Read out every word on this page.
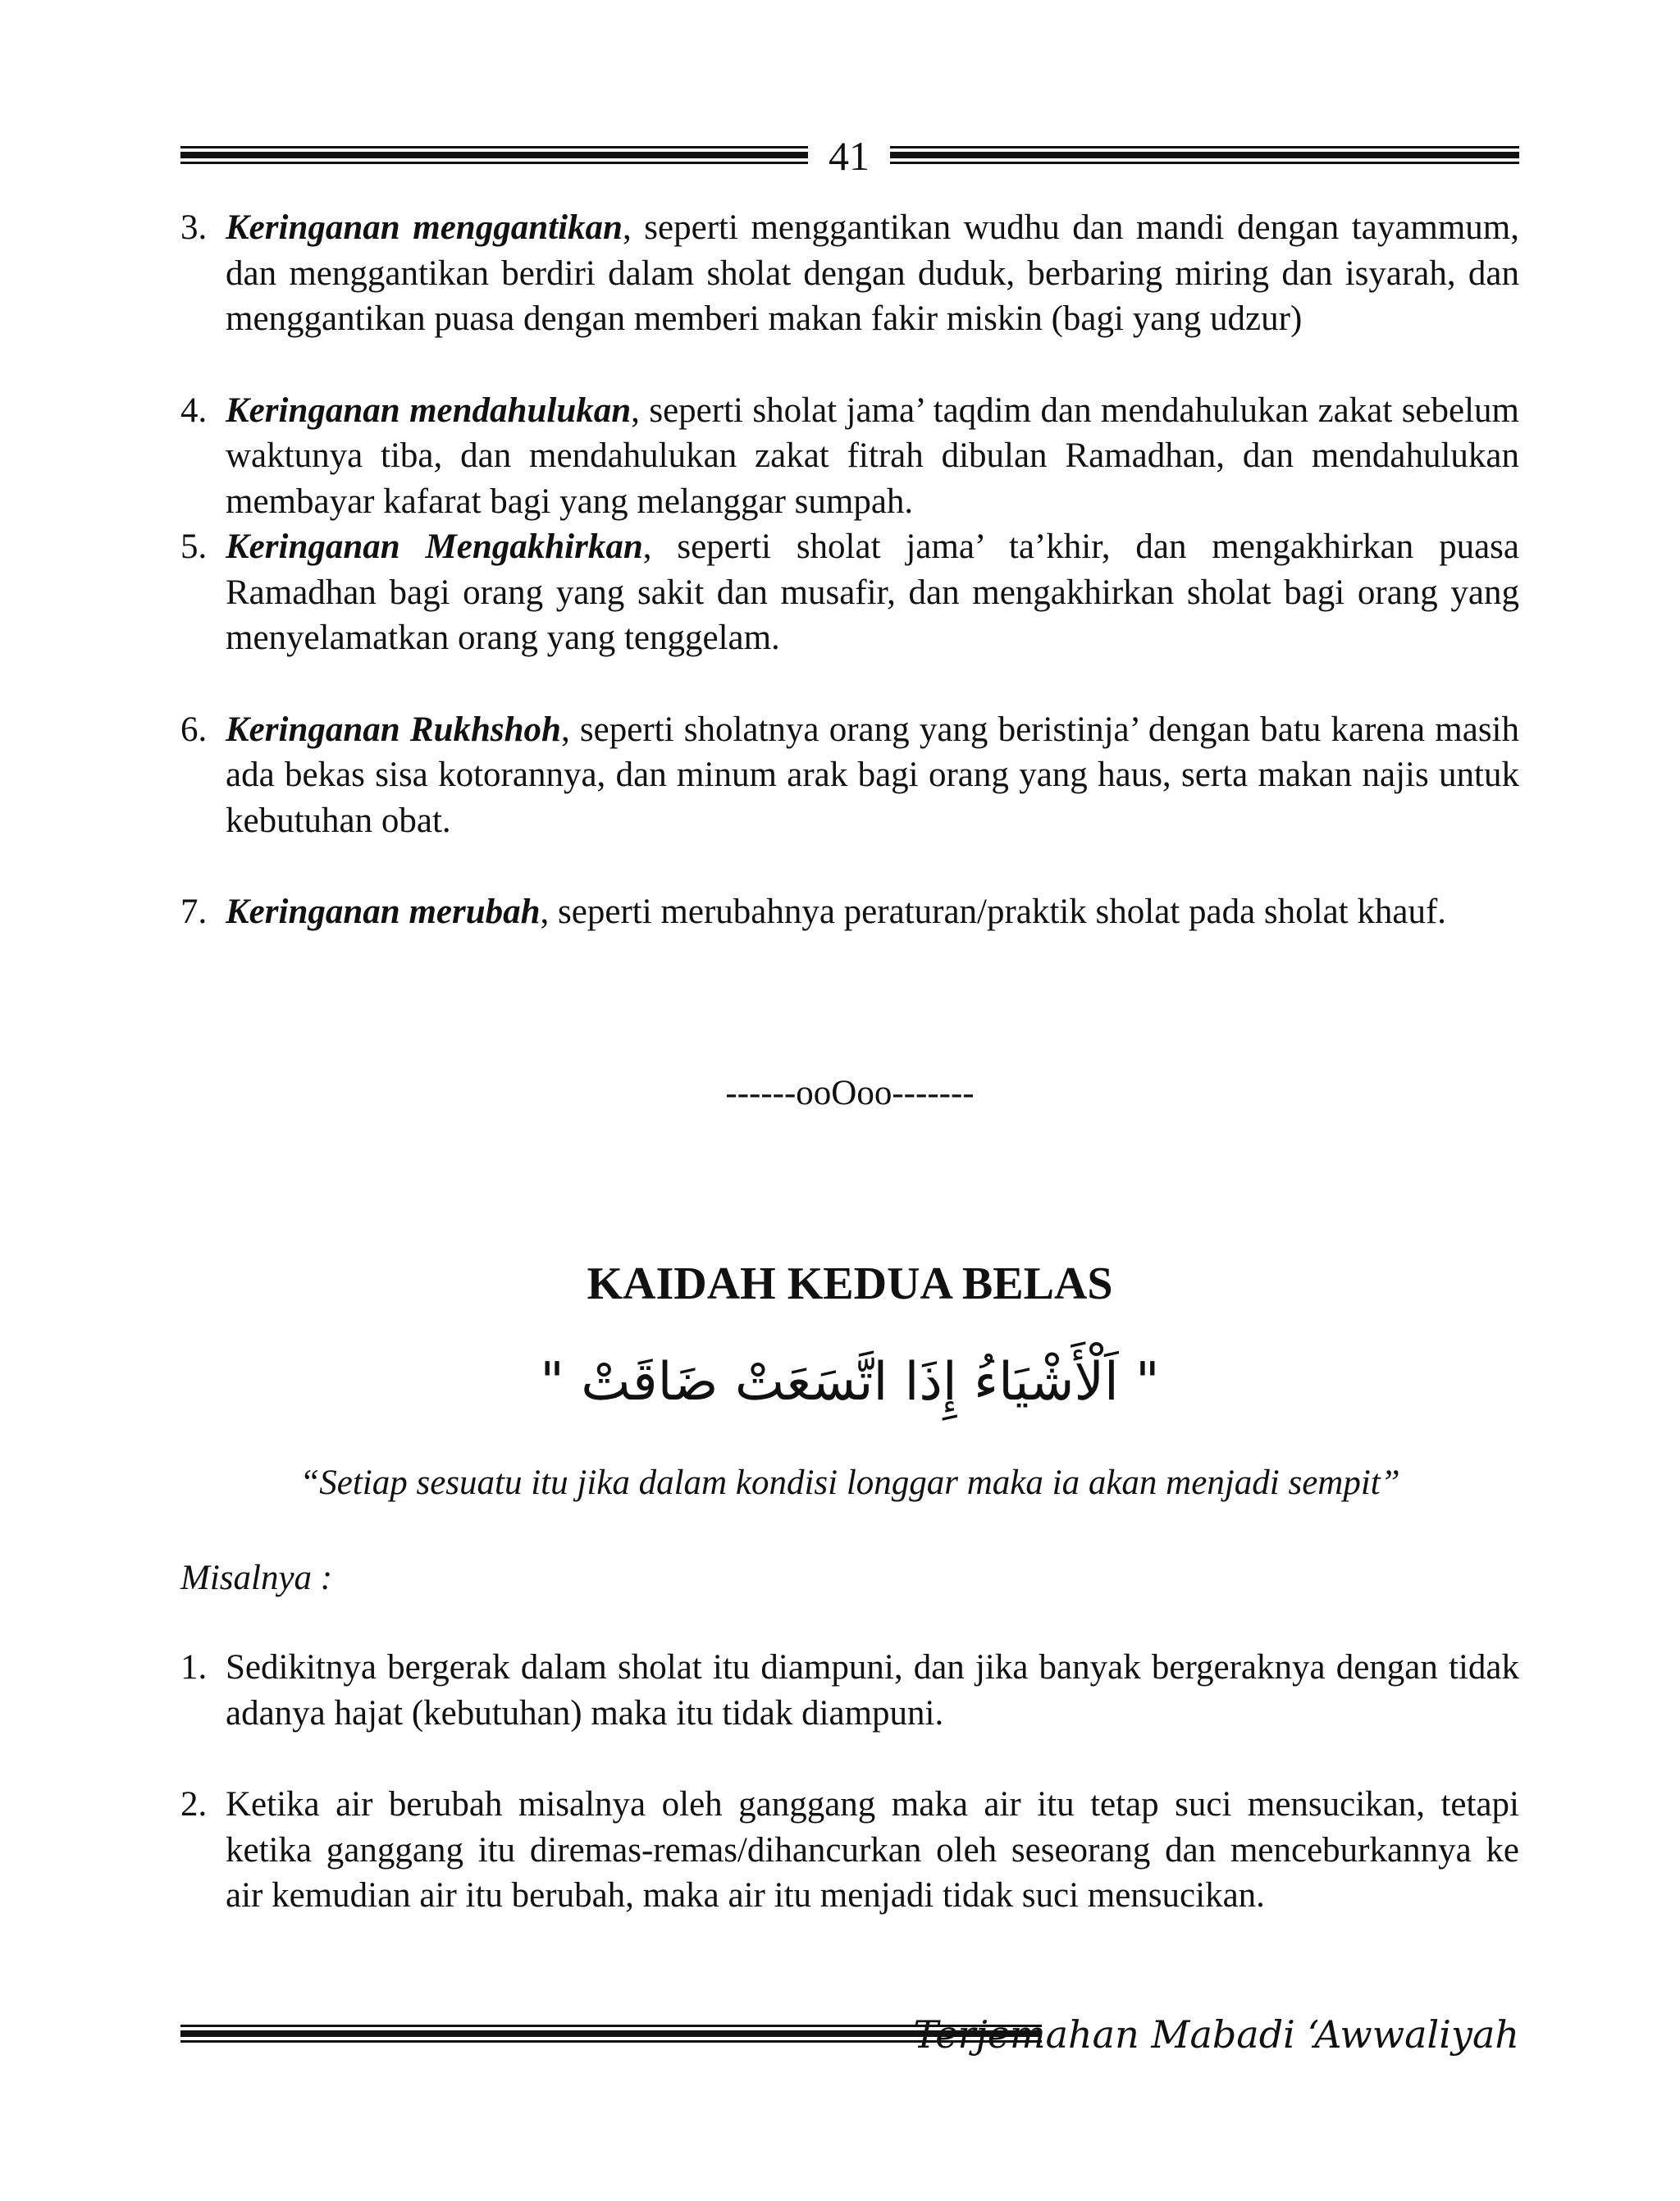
41
3. Keringanan menggantikan, seperti menggantikan wudhu dan mandi dengan tayammum, dan menggantikan berdiri dalam sholat dengan duduk, berbaring miring dan isyarah, dan menggantikan puasa dengan memberi makan fakir miskin (bagi yang udzur)
4. Keringanan mendahulukan, seperti sholat jama’ taqdim dan mendahulukan zakat sebelum waktunya tiba, dan mendahulukan zakat fitrah dibulan Ramadhan, dan mendahulukan membayar kafarat bagi yang melanggar sumpah.
5. Keringanan Mengakhirkan, seperti sholat jama’ ta’khir, dan mengakhirkan puasa Ramadhan bagi orang yang sakit dan musafir, dan mengakhirkan sholat bagi orang yang menyelamatkan orang yang tenggelam.
6. Keringanan Rukhshoh, seperti sholatnya orang yang beristinja’ dengan batu karena masih ada bekas sisa kotorannya, dan minum arak bagi orang yang haus, serta makan najis untuk kebutuhan obat.
7. Keringanan merubah, seperti merubahnya peraturan/praktik sholat pada sholat khauf.
------ooOoo-------
KAIDAH KEDUA BELAS
" اَلْأَشْيَاءُ إِذَا اتَّسَعَتْ ضَاقَتْ "
“Setiap sesuatu itu jika dalam kondisi longgar maka ia akan menjadi sempit”
Misalnya :
1. Sedikitnya bergerak dalam sholat itu diampuni, dan jika banyak bergeraknya dengan tidak adanya hajat (kebutuhan) maka itu tidak diampuni.
2. Ketika air berubah misalnya oleh ganggang maka air itu tetap suci mensucikan, tetapi ketika ganggang itu diremas-remas/dihancurkan oleh seseorang dan menceburkannya ke air kemudian air itu berubah, maka air itu menjadi tidak suci mensucikan.
Terjemahan Mabadi ‘Awwaliyah
